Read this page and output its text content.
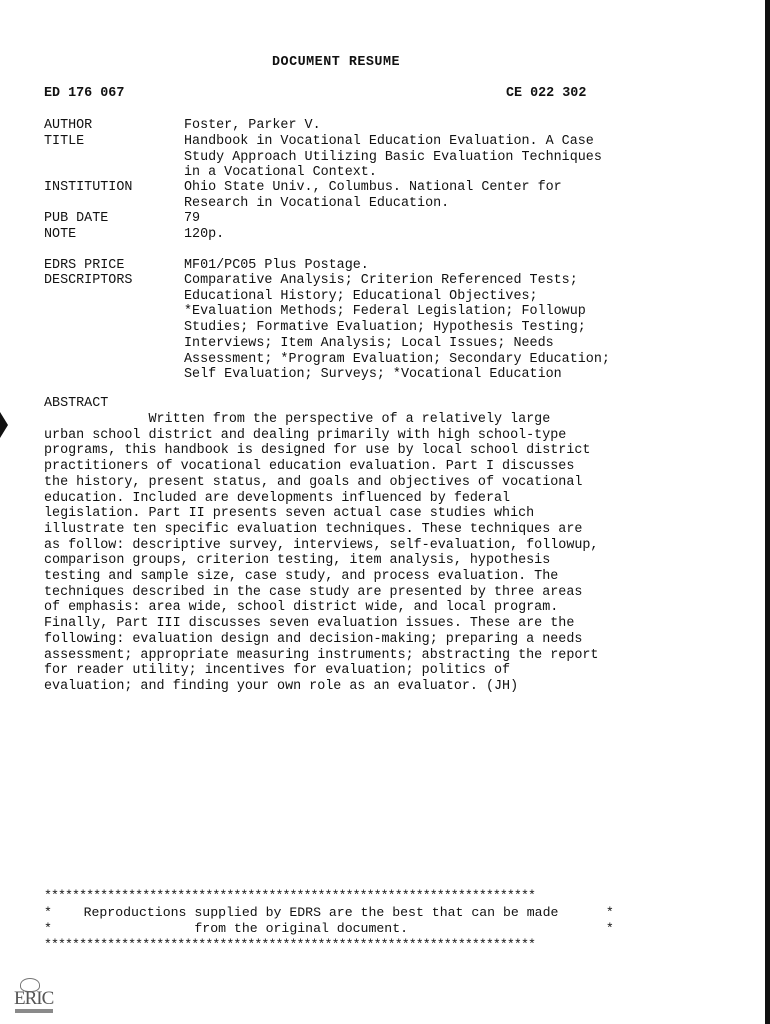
DOCUMENT RESUME
ED 176 067	CE 022 302
AUTHOR	Foster, Parker V.
TITLE	Handbook in Vocational Education Evaluation. A Case
Study Approach Utilizing Basic Evaluation Techniques
in a Vocational Context.
INSTITUTION	Ohio State Univ., Columbus. National Center for
Research in Vocational Education.
PUB DATE	79
NOTE	120p.
EDRS PRICE	MF01/PC05 Plus Postage.
DESCRIPTORS	Comparative Analysis; Criterion Referenced Tests;
Educational History; Educational Objectives;
*Evaluation Methods; Federal Legislation; Followup
Studies; Formative Evaluation; Hypothesis Testing;
Interviews; Item Analysis; Local Issues; Needs
Assessment; *Program Evaluation; Secondary Education;
Self Evaluation; Surveys; *Vocational Education
ABSTRACT
Written from the perspective of a relatively large
urban school district and dealing primarily with high school-type
programs, this handbook is designed for use by local school district
practitioners of vocational education evaluation. Part I discusses
the history, present status, and goals and objectives of vocational
education. Included are developments influenced by federal
legislation. Part II presents seven actual case studies which
illustrate ten specific evaluation techniques. These techniques are
as follow: descriptive survey, interviews, self-evaluation, followup,
comparison groups, criterion testing, item analysis, hypothesis
testing and sample size, case study, and process evaluation. The
techniques described in the case study are presented by three areas
of emphasis: area wide, school district wide, and local program.
Finally, Part III discusses seven evaluation issues. These are the
following: evaluation design and decision-making; preparing a needs
assessment; appropriate measuring instruments; abstracting the report
for reader utility; incentives for evaluation; politics of
evaluation; and finding your own role as an evaluator. (JH)
**********************************************************************
*    Reproductions supplied by EDRS are the best that can be made      *
*                  from the original document.                         *
**********************************************************************
ERIC
